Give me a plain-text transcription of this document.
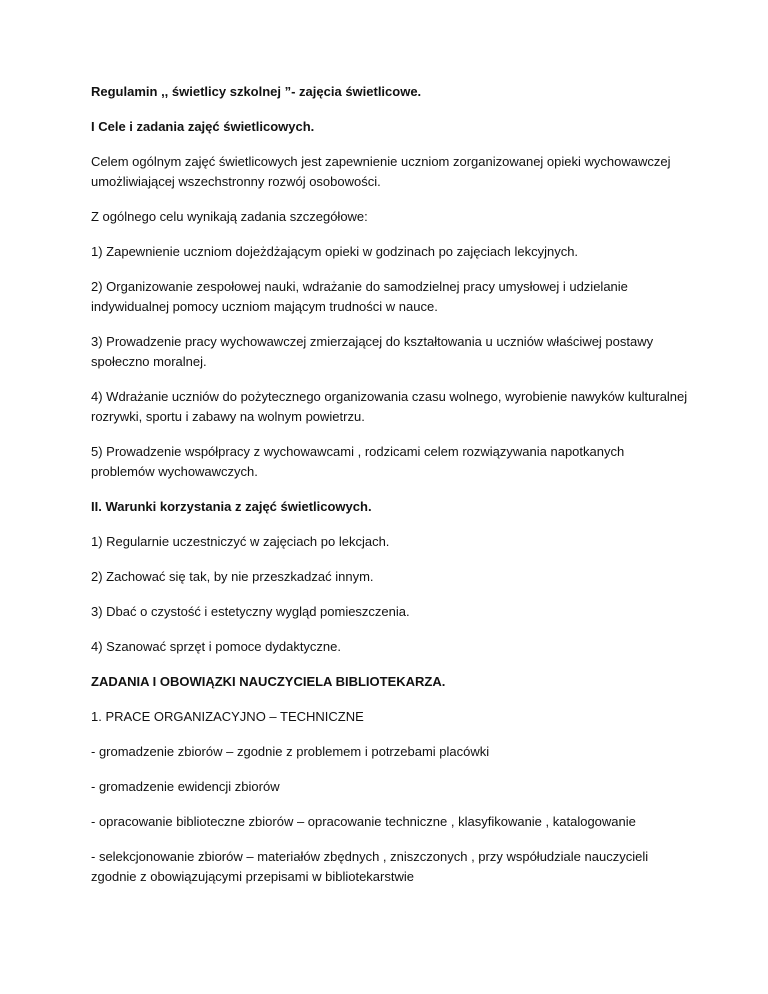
Regulamin ,, świetlicy szkolnej ”- zajęcia świetlicowe.

I Cele i zadania zajęć świetlicowych.

Celem ogólnym zajęć świetlicowych jest zapewnienie uczniom zorganizowanej opieki wychowawczej umożliwiającej wszechstronny rozwój osobowości.

Z ogólnego celu wynikają zadania szczegółowe:

1) Zapewnienie uczniom dojeżdżającym opieki w godzinach po zajęciach lekcyjnych.

2) Organizowanie zespołowej nauki, wdrażanie do samodzielnej pracy umysłowej i udzielanie indywidualnej pomocy uczniom mającym trudności w nauce.

3) Prowadzenie pracy wychowawczej zmierzającej do kształtowania u uczniów właściwej postawy społeczno moralnej.

4) Wdrażanie uczniów do pożytecznego organizowania czasu wolnego, wyrobienie nawyków kulturalnej rozrywki, sportu i zabawy na wolnym powietrzu.

5) Prowadzenie współpracy z wychowawcami , rodzicami celem rozwiązywania napotkanych problemów wychowawczych.

II. Warunki korzystania z zajęć świetlicowych.

1) Regularnie uczestniczyć w zajęciach po lekcjach.

2) Zachować się tak, by nie przeszkadzać innym.

3) Dbać o czystość i estetyczny wygląd pomieszczenia.

4) Szanować sprzęt i pomoce dydaktyczne.

ZADANIA I OBOWIĄZKI NAUCZYCIELA BIBLIOTEKARZA.

1. PRACE ORGANIZACYJNO – TECHNICZNE

- gromadzenie zbiorów – zgodnie z problemem i potrzebami placówki

- gromadzenie ewidencji zbiorów

- opracowanie biblioteczne zbiorów – opracowanie techniczne , klasyfikowanie , katalogowanie

- selekcjonowanie zbiorów – materiałów zbędnych , zniszczonych , przy współudziale nauczycieli zgodnie z obowiązującymi przepisami w bibliotekarstwie
